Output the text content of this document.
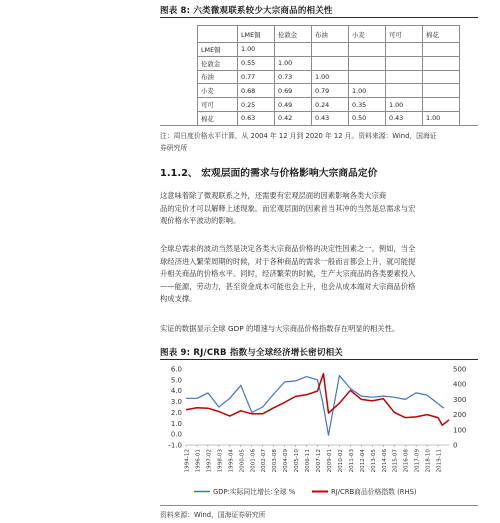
图表 8: 六类微观联系较少大宗商品的相关性
	LME铜	伦敦金	布油	小麦	可可	棉花
LME铜	1.00					
伦敦金	0.55	1.00				
布油	0.77	0.73	1.00			
小麦	0.68	0.69	0.79	1.00		
可可	0.25	0.49	0.24	0.35	1.00	
棉花	0.63	0.42	0.43	0.50	0.43	1.00
注：周日度价格水平计算，从 2004 年 12 月到 2020 年 12 月。资料来源：Wind，国海证
券研究所
1.1.2、 宏观层面的需求与价格影响大宗商品定价
这意味着除了微观联系之外，还需要有宏观层面的因素影响各类大宗商
品的定价才可以解释上述现象。而宏观层面的因素首当其冲的当然是总需求与宏
观价格水平波动的影响。
全球总需求的波动当然是决定各类大宗商品价格的决定性因素之一。例如，当全
球经济进入繁荣周期的时候，对于各种商品的需求一般而言都会上升，就可能提
升相关商品的价格水平。同时，经济繁荣的时候，生产大宗商品的各类要素投入
——能源，劳动力，甚至资金成本可能也会上升，也会从成本端对大宗商品价格
构成支撑。
实证的数据显示全球 GDP 的增速与大宗商品价格指数存在明显的相关性。
图表 9: RJ/CRB 指数与全球经济增长密切相关
6.0
5.0
4.0
3.0
2.0
1.0
0.0
-1.0
500
400
300
200
100
0
1994-12 1996-01 1997-02 1998-03 1999-04 2000-05 2001-06 2002-07 2003-08 2004-09 2005-10 2006-11 2007-12 2009-01 2010-02 2011-03 2012-04 2013-05 2014-06 2015-07 2016-08 2017-09 2018-10 2019-11
GDP:实际同比增长:全球 %	RJ/CRB商品价格指数 (RHS)
资料来源：Wind，国海证券研究所
